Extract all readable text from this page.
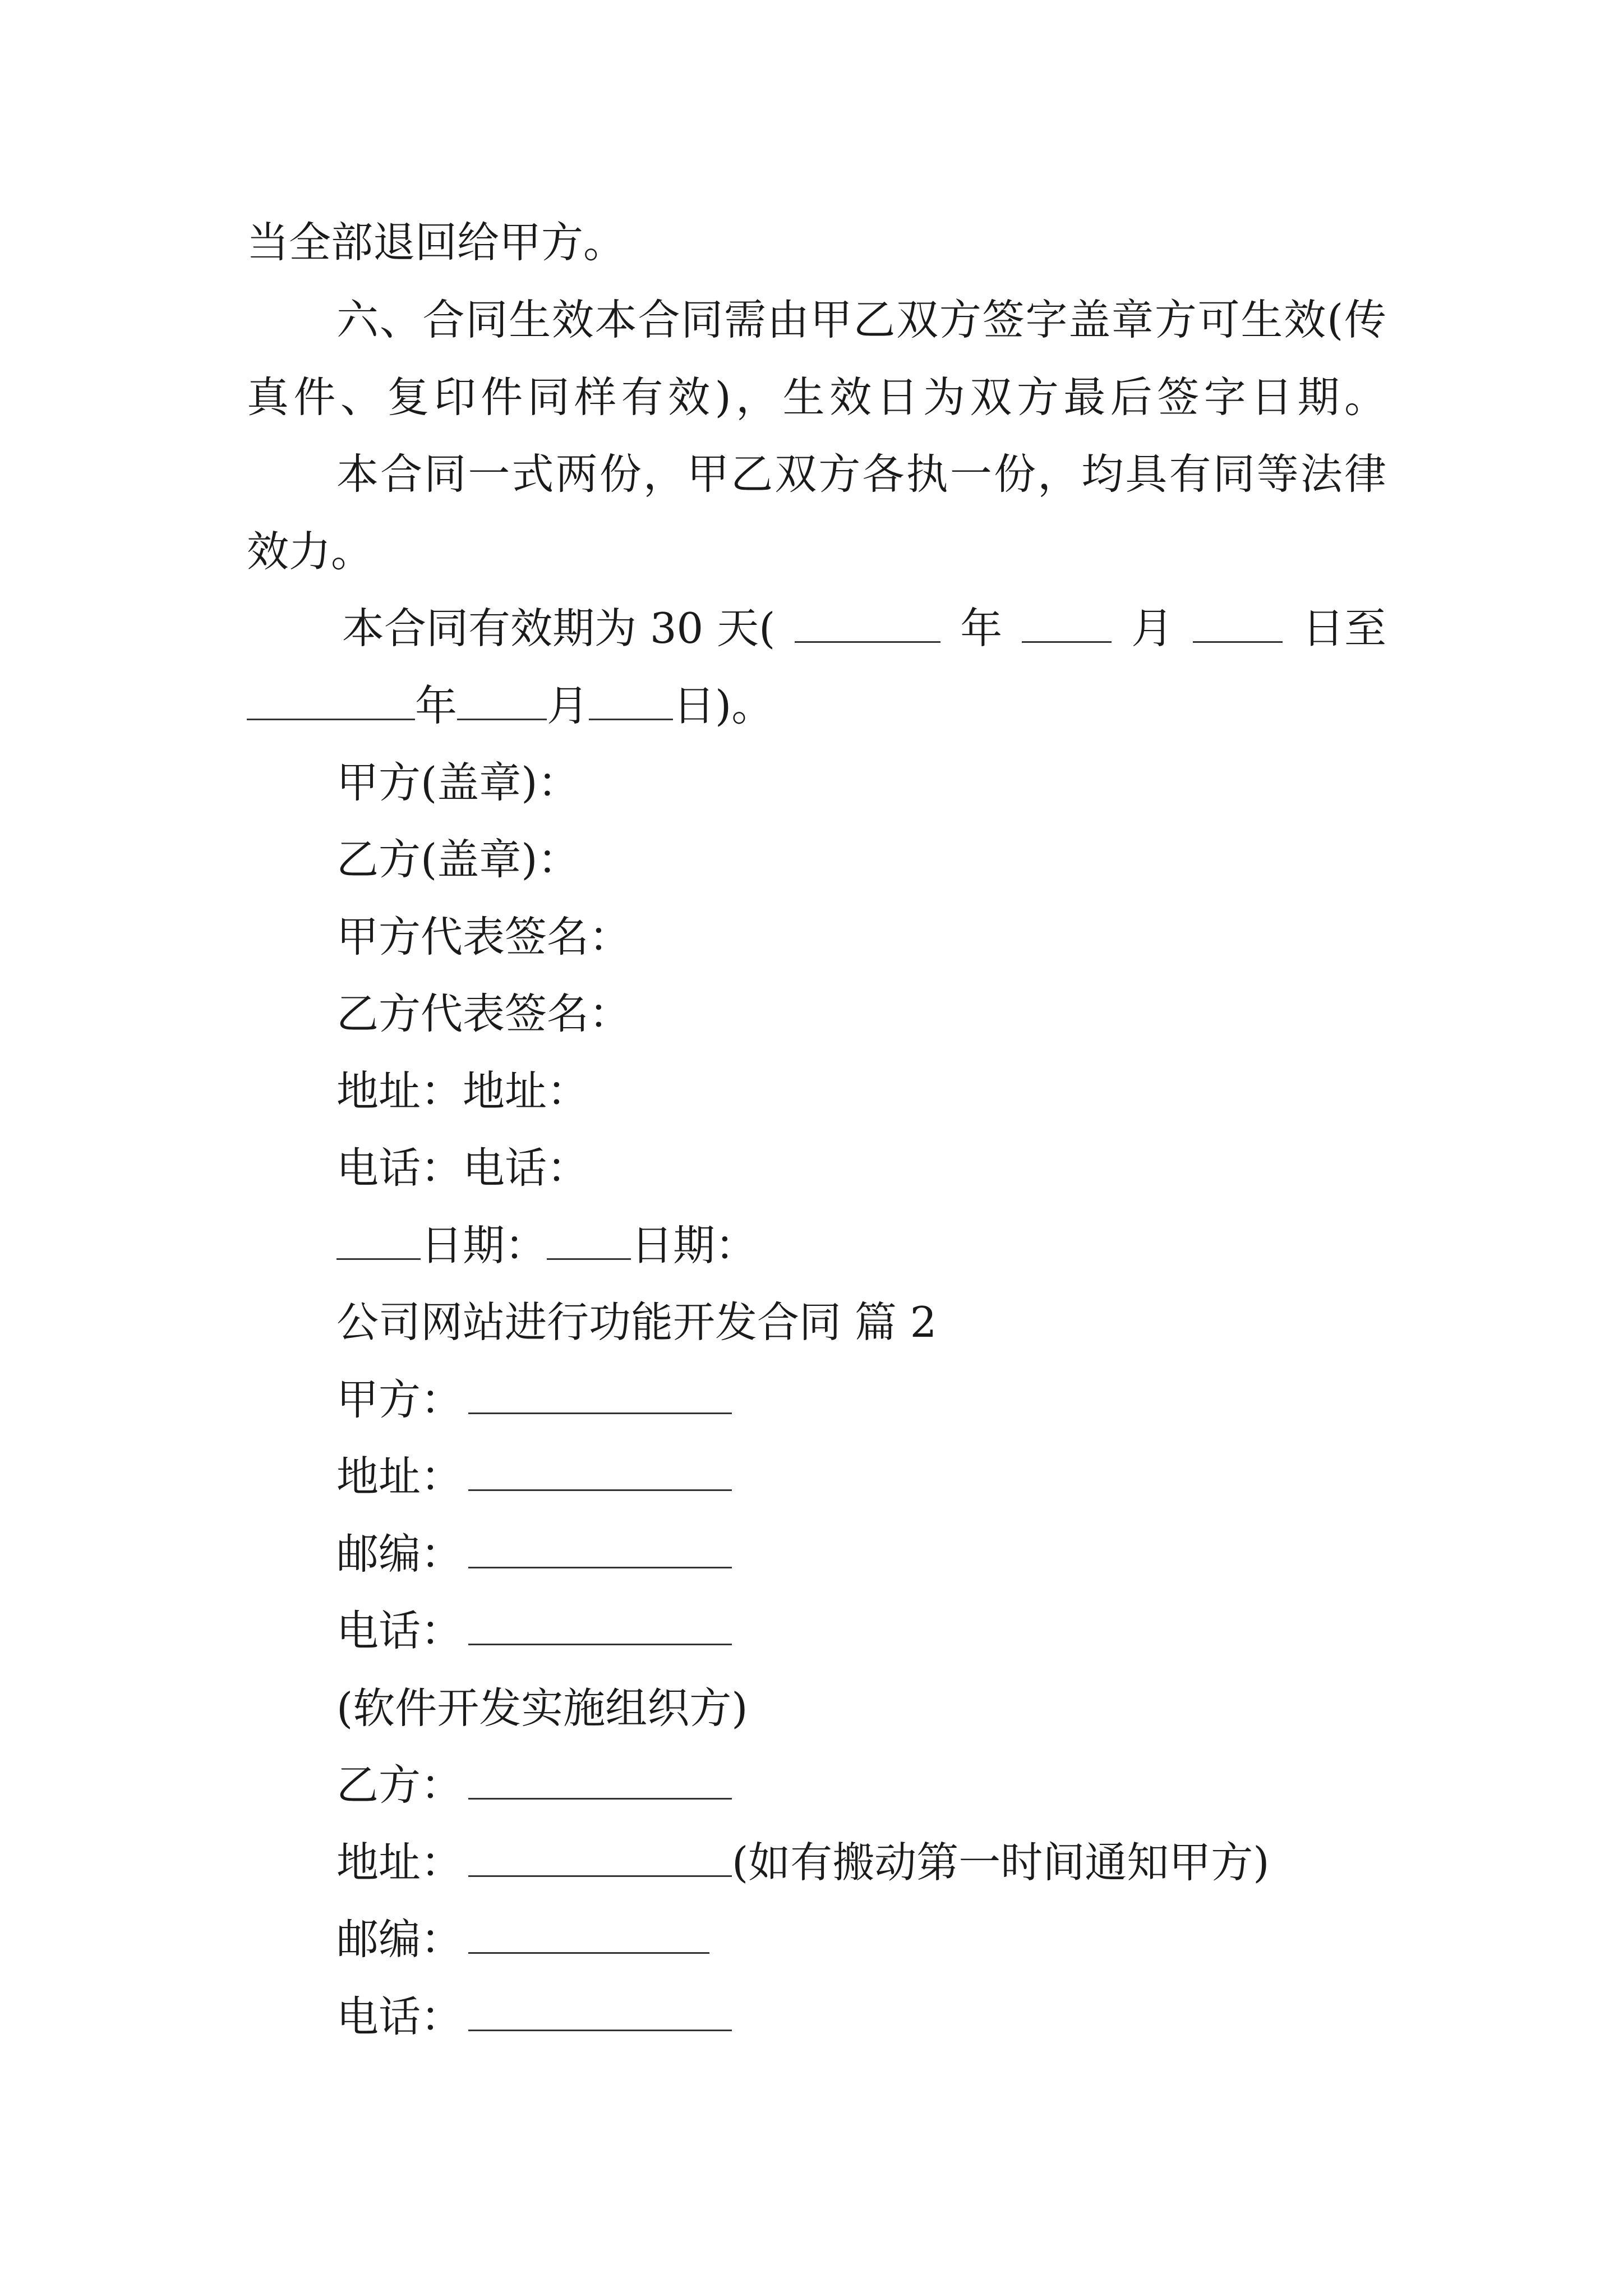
当全部退回给甲方。
六、合同生效本合同需由甲乙双方签字盖章方可生效(传
真件、复印件同样有效)，生效日为双方最后签字日期。
本合同一式两份，甲乙双方各执一份，均具有同等法律
效力。
本合同有效期为 30 天(	年	月	日至
年 月 日)。
甲方(盖章)：
乙方(盖章)：
甲方代表签名：
乙方代表签名：
地址：地址：
电话：电话：
日期： 日期：
公司网站进行功能开发合同 篇 2
甲方：
地址：
邮编：
电话：
(软件开发实施组织方)
乙方：
地址：	(如有搬动第一时间通知甲方)
邮编：
电话：
